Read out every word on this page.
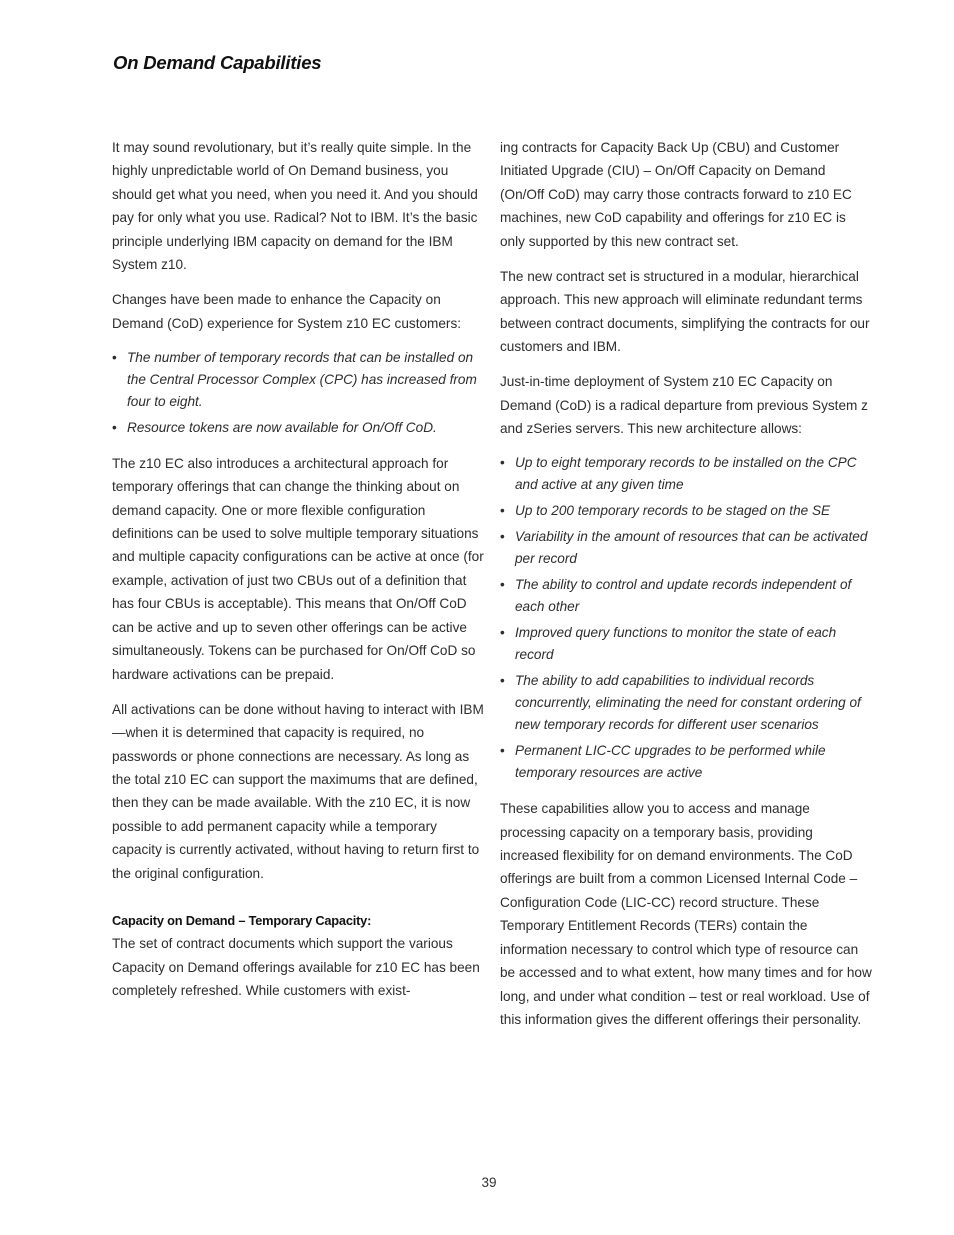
On Demand Capabilities

It may sound revolutionary, but it’s really quite simple. In the highly unpredictable world of On Demand business, you should get what you need, when you need it. And you should pay for only what you use. Radical? Not to IBM. It’s the basic principle underlying IBM capacity on demand for the IBM System z10.

Changes have been made to enhance the Capacity on Demand (CoD) experience for System z10 EC customers:

• The number of temporary records that can be installed on the Central Processor Complex (CPC) has increased from four to eight.
• Resource tokens are now available for On/Off CoD.

The z10 EC also introduces a architectural approach for temporary offerings that can change the thinking about on demand capacity. One or more flexible configuration definitions can be used to solve multiple temporary situations and multiple capacity configurations can be active at once (for example, activation of just two CBUs out of a definition that has four CBUs is acceptable). This means that On/Off CoD can be active and up to seven other offerings can be active simultaneously. Tokens can be purchased for On/Off CoD so hardware activations can be prepaid.

All activations can be done without having to interact with IBM—when it is determined that capacity is required, no passwords or phone connections are necessary. As long as the total z10 EC can support the maximums that are defined, then they can be made available. With the z10 EC, it is now possible to add permanent capacity while a temporary capacity is currently activated, without having to return first to the original configuration.

Capacity on Demand – Temporary Capacity:

The set of contract documents which support the various Capacity on Demand offerings available for z10 EC has been completely refreshed. While customers with exist-

ing contracts for Capacity Back Up (CBU) and Customer Initiated Upgrade (CIU) – On/Off Capacity on Demand (On/Off CoD) may carry those contracts forward to z10 EC machines, new CoD capability and offerings for z10 EC is only supported by this new contract set.

The new contract set is structured in a modular, hierarchical approach. This new approach will eliminate redundant terms between contract documents, simplifying the contracts for our customers and IBM.

Just-in-time deployment of System z10 EC Capacity on Demand (CoD) is a radical departure from previous System z and zSeries servers. This new architecture allows:

• Up to eight temporary records to be installed on the CPC and active at any given time
• Up to 200 temporary records to be staged on the SE
• Variability in the amount of resources that can be activated per record
• The ability to control and update records independent of each other
• Improved query functions to monitor the state of each record
• The ability to add capabilities to individual records concurrently, eliminating the need for constant ordering of new temporary records for different user scenarios
• Permanent LIC-CC upgrades to be performed while temporary resources are active

These capabilities allow you to access and manage processing capacity on a temporary basis, providing increased flexibility for on demand environments. The CoD offerings are built from a common Licensed Internal Code – Configuration Code (LIC-CC) record structure. These Temporary Entitlement Records (TERs) contain the information necessary to control which type of resource can be accessed and to what extent, how many times and for how long, and under what condition – test or real workload. Use of this information gives the different offerings their personality.

39
